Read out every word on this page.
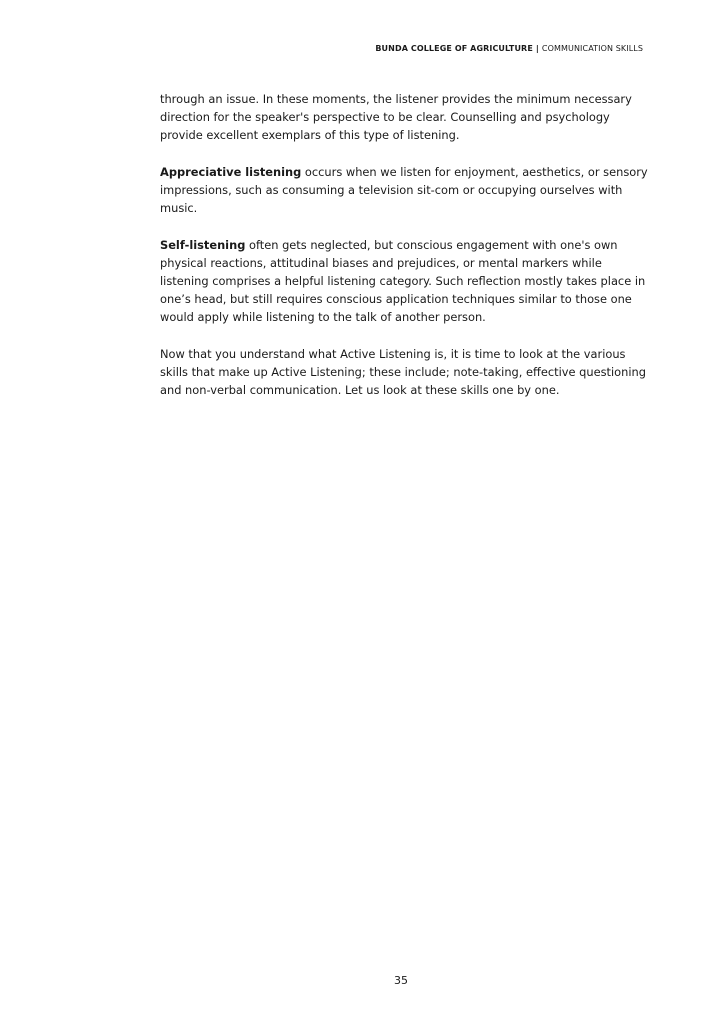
BUNDA COLLEGE OF AGRICULTURE | COMMUNICATION SKILLS

through an issue. In these moments, the listener provides the minimum necessary direction for the speaker's perspective to be clear. Counselling and psychology provide excellent exemplars of this type of listening.

Appreciative listening occurs when we listen for enjoyment, aesthetics, or sensory impressions, such as consuming a television sit-com or occupying ourselves with music.

Self-listening often gets neglected, but conscious engagement with one's own physical reactions, attitudinal biases and prejudices, or mental markers while listening comprises a helpful listening category. Such reflection mostly takes place in one’s head, but still requires conscious application techniques similar to those one would apply while listening to the talk of another person.

Now that you understand what Active Listening is, it is time to look at the various skills that make up Active Listening; these include; note-taking, effective questioning and non-verbal communication. Let us look at these skills one by one.

35
